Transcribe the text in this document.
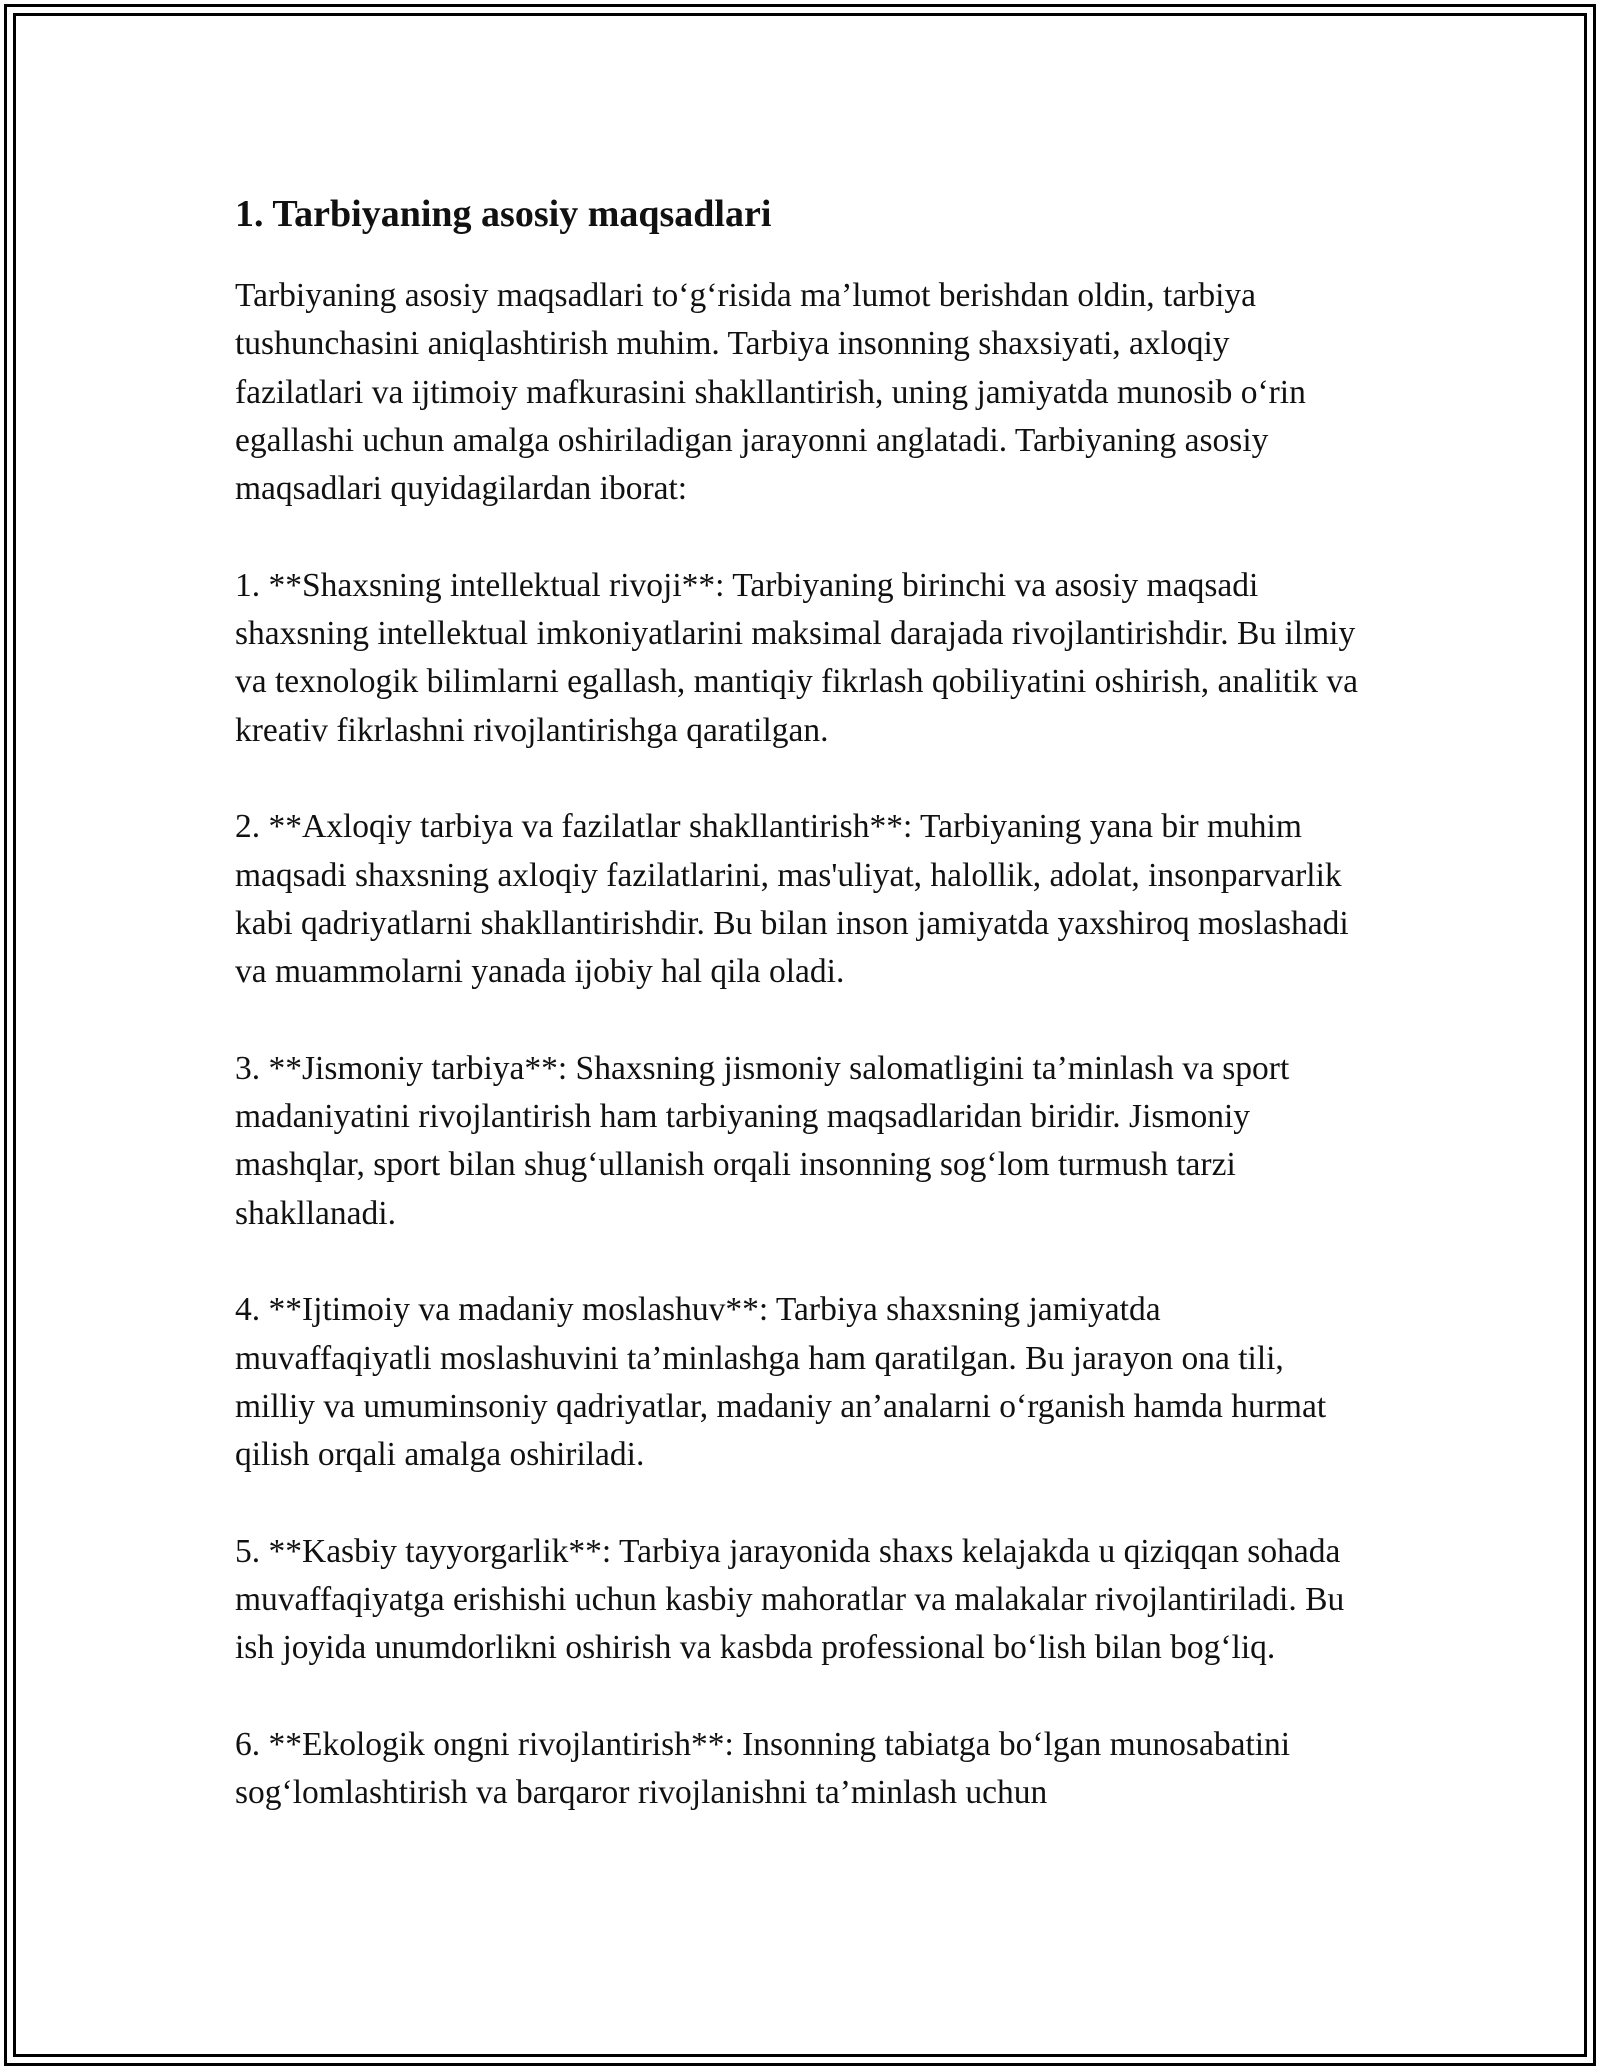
1. Tarbiyaning asosiy maqsadlari

Tarbiyaning asosiy maqsadlari to‘g‘risida ma’lumot berishdan oldin, tarbiya tushunchasini aniqlashtirish muhim. Tarbiya insonning shaxsiyati, axloqiy fazilatlari va ijtimoiy mafkurasini shakllantirish, uning jamiyatda munosib o‘rin egallashi uchun amalga oshiriladigan jarayonni anglatadi. Tarbiyaning asosiy maqsadlari quyidagilardan iborat:

1. **Shaxsning intellektual rivoji**: Tarbiyaning birinchi va asosiy maqsadi shaxsning intellektual imkoniyatlarini maksimal darajada rivojlantirishdir. Bu ilmiy va texnologik bilimlarni egallash, mantiqiy fikrlash qobiliyatini oshirish, analitik va kreativ fikrlashni rivojlantirishga qaratilgan.

2. **Axloqiy tarbiya va fazilatlar shakllantirish**: Tarbiyaning yana bir muhim maqsadi shaxsning axloqiy fazilatlarini, mas'uliyat, halollik, adolat, insonparvarlik kabi qadriyatlarni shakllantirishdir. Bu bilan inson jamiyatda yaxshiroq moslashadi va muammolarni yanada ijobiy hal qila oladi.

3. **Jismoniy tarbiya**: Shaxsning jismoniy salomatligini ta’minlash va sport madaniyatini rivojlantirish ham tarbiyaning maqsadlaridan biridir. Jismoniy mashqlar, sport bilan shug‘ullanish orqali insonning sog‘lom turmush tarzi shakllanadi.

4. **Ijtimoiy va madaniy moslashuv**: Tarbiya shaxsning jamiyatda muvaffaqiyatli moslashuvini ta’minlashga ham qaratilgan. Bu jarayon ona tili, milliy va umuminsoniy qadriyatlar, madaniy an’analarni o‘rganish hamda hurmat qilish orqali amalga oshiriladi.

5. **Kasbiy tayyorgarlik**: Tarbiya jarayonida shaxs kelajakda u qiziqqan sohada muvaffaqiyatga erishishi uchun kasbiy mahoratlar va malakalar rivojlantiriladi. Bu ish joyida unumdorlikni oshirish va kasbda professional bo‘lish bilan bog‘liq.

6. **Ekologik ongni rivojlantirish**: Insonning tabiatga bo‘lgan munosabatini sog‘lomlashtirish va barqaror rivojlanishni ta’minlash uchun
